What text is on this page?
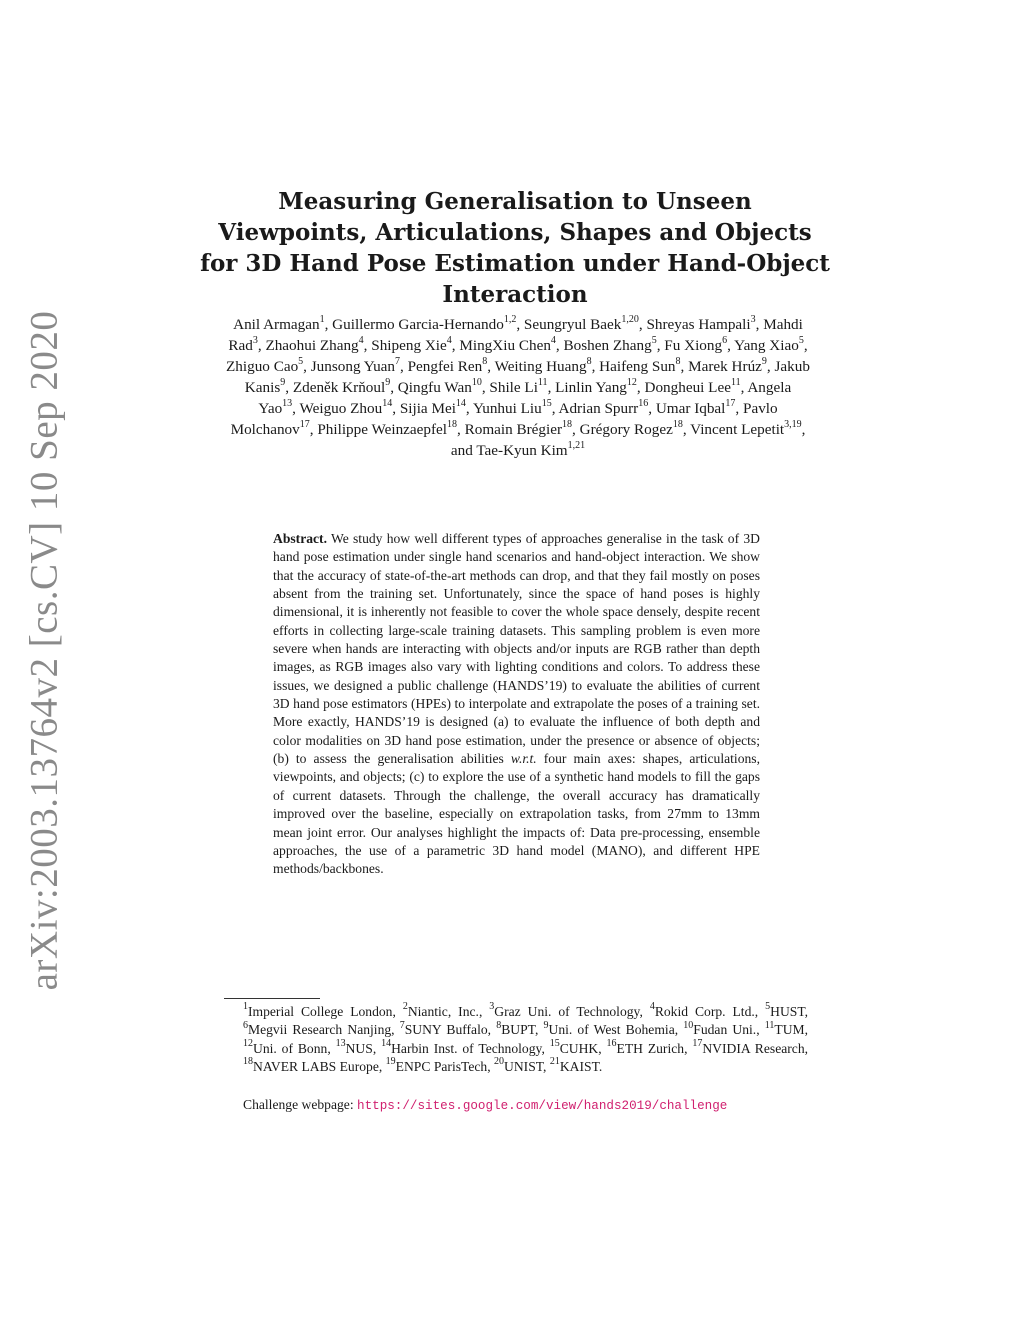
arXiv:2003.13764v2 [cs.CV] 10 Sep 2020
Measuring Generalisation to Unseen Viewpoints, Articulations, Shapes and Objects for 3D Hand Pose Estimation under Hand-Object Interaction

Anil Armagan$^1$, Guillermo Garcia-Hernando$^{1,2}$, Seungryul Baek$^{1,20}$, Shreyas Hampali$^3$, Mahdi Rad$^3$, Zhaohui Zhang$^4$, Shipeng Xie$^4$, MingXiu Chen$^4$, Boshen Zhang$^5$, Fu Xiong$^6$, Yang Xiao$^5$, Zhiguo Cao$^5$, Junsong Yuan$^7$, Pengfei Ren$^8$, Weiting Huang$^8$, Haifeng Sun$^8$, Marek Hrúz$^9$, Jakub Kanis$^9$, Zdeněk Krňoul$^9$, Qingfu Wan$^{10}$, Shile Li$^{11}$, Linlin Yang$^{12}$, Dongheui Lee$^{11}$, Angela Yao$^{13}$, Weiguo Zhou$^{14}$, Sijia Mei$^{14}$, Yunhui Liu$^{15}$, Adrian Spurr$^{16}$, Umar Iqbal$^{17}$, Pavlo Molchanov$^{17}$, Philippe Weinzaepfel$^{18}$, Romain Brégier$^{18}$, Grégory Rogez$^{18}$, Vincent Lepetit$^{3,19}$, and Tae-Kyun Kim$^{1,21}$

Abstract. We study how well different types of approaches generalise in the task of 3D hand pose estimation under single hand scenarios and hand-object interaction. We show that the accuracy of state-of-the-art methods can drop, and that they fail mostly on poses absent from the training set. Unfortunately, since the space of hand poses is highly dimensional, it is inherently not feasible to cover the whole space densely, despite recent efforts in collecting large-scale training datasets. This sampling problem is even more severe when hands are interacting with objects and/or inputs are RGB rather than depth images, as RGB images also vary with lighting conditions and colors. To address these issues, we designed a public challenge (HANDS’19) to evaluate the abilities of current 3D hand pose estimators (HPEs) to interpolate and extrapolate the poses of a training set. More exactly, HANDS’19 is designed (a) to evaluate the influence of both depth and color modalities on 3D hand pose estimation, under the presence or absence of objects; (b) to assess the generalisation abilities w.r.t. four main axes: shapes, articulations, viewpoints, and objects; (c) to explore the use of a synthetic hand models to fill the gaps of current datasets. Through the challenge, the overall accuracy has dramatically improved over the baseline, especially on extrapolation tasks, from 27mm to 13mm mean joint error. Our analyses highlight the impacts of: Data pre-processing, ensemble approaches, the use of a parametric 3D hand model (MANO), and different HPE methods/backbones.

$^1$Imperial College London, $^2$Niantic, Inc., $^3$Graz Uni. of Technology, $^4$Rokid Corp. Ltd., $^5$HUST, $^6$Megvii Research Nanjing, $^7$SUNY Buffalo, $^8$BUPT, $^9$Uni. of West Bohemia, $^{10}$Fudan Uni., $^{11}$TUM, $^{12}$Uni. of Bonn, $^{13}$NUS, $^{14}$Harbin Inst. of Technology, $^{15}$CUHK, $^{16}$ETH Zurich, $^{17}$NVIDIA Research, $^{18}$NAVER LABS Europe, $^{19}$ENPC ParisTech, $^{20}$UNIST, $^{21}$KAIST.

Challenge webpage: https://sites.google.com/view/hands2019/challenge
